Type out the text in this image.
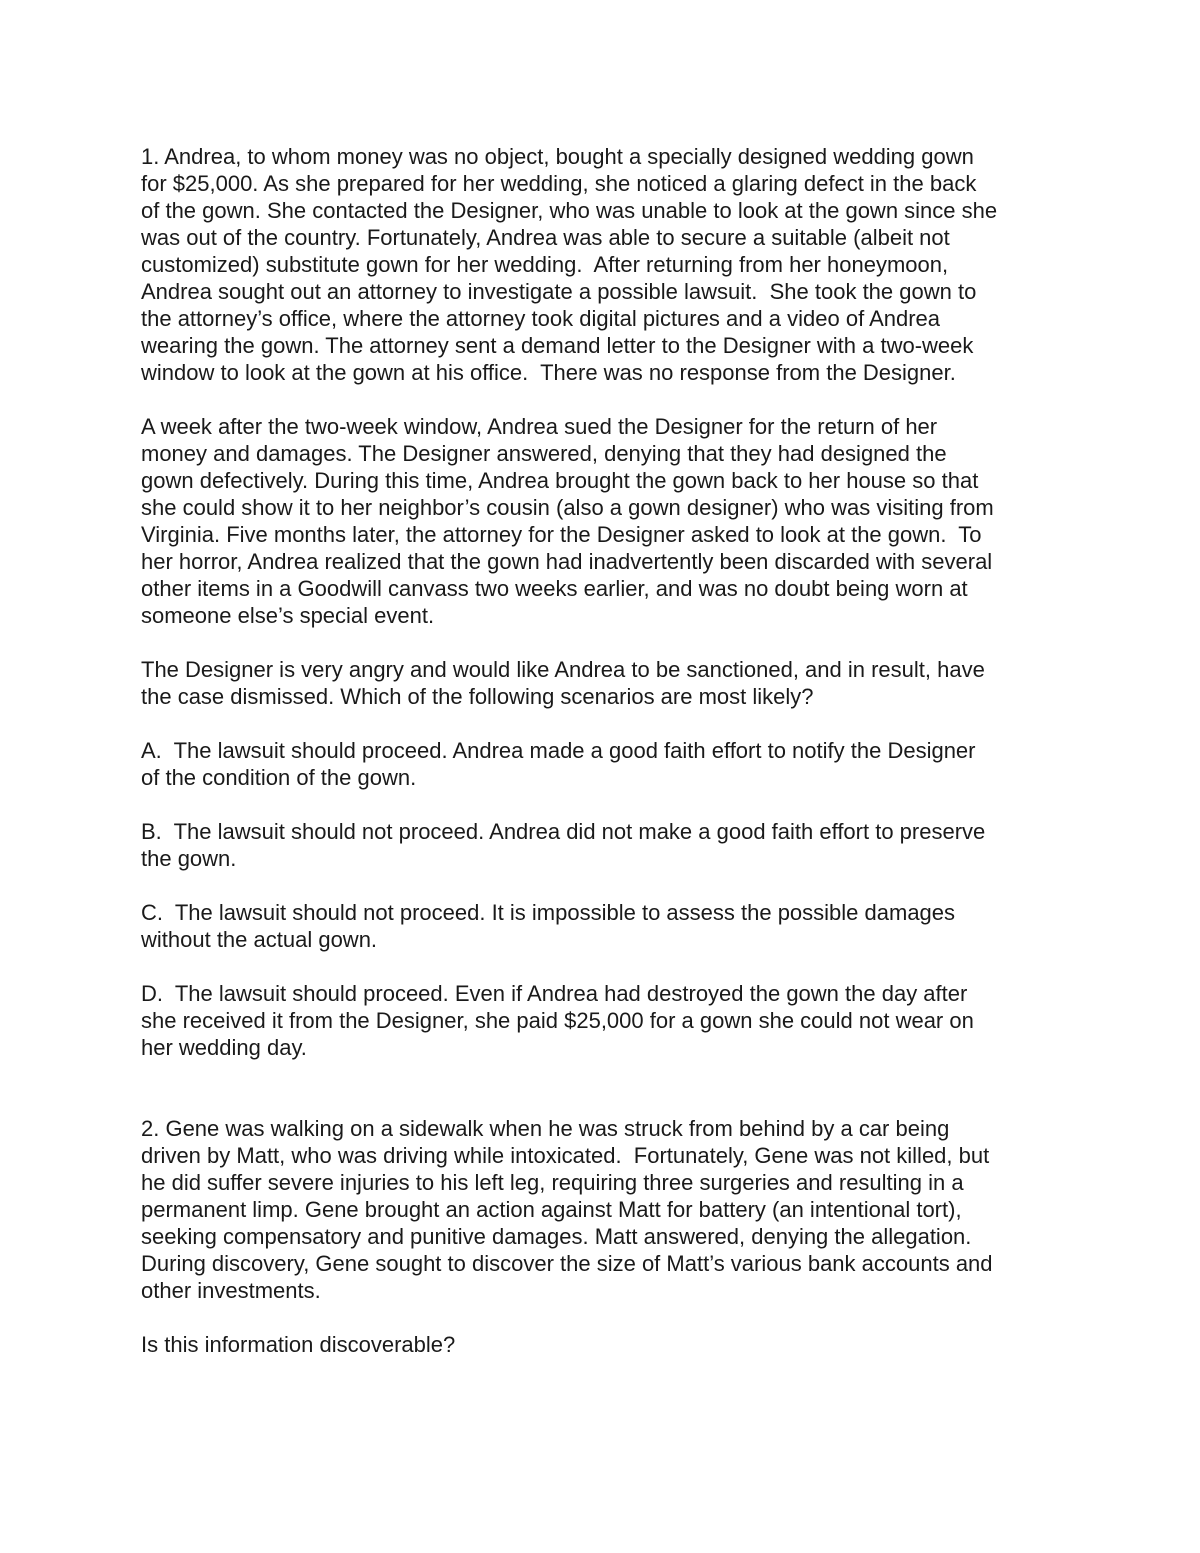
1. Andrea, to whom money was no object, bought a specially designed wedding gown
for $25,000. As she prepared for her wedding, she noticed a glaring defect in the back
of the gown. She contacted the Designer, who was unable to look at the gown since she
was out of the country. Fortunately, Andrea was able to secure a suitable (albeit not
customized) substitute gown for her wedding.  After returning from her honeymoon,
Andrea sought out an attorney to investigate a possible lawsuit.  She took the gown to
the attorney’s office, where the attorney took digital pictures and a video of Andrea
wearing the gown. The attorney sent a demand letter to the Designer with a two-week
window to look at the gown at his office.  There was no response from the Designer.
A week after the two-week window, Andrea sued the Designer for the return of her
money and damages. The Designer answered, denying that they had designed the
gown defectively. During this time, Andrea brought the gown back to her house so that
she could show it to her neighbor’s cousin (also a gown designer) who was visiting from
Virginia. Five months later, the attorney for the Designer asked to look at the gown.  To
her horror, Andrea realized that the gown had inadvertently been discarded with several
other items in a Goodwill canvass two weeks earlier, and was no doubt being worn at
someone else’s special event.
The Designer is very angry and would like Andrea to be sanctioned, and in result, have
the case dismissed. Which of the following scenarios are most likely?
A.  The lawsuit should proceed. Andrea made a good faith effort to notify the Designer
of the condition of the gown.
B.  The lawsuit should not proceed. Andrea did not make a good faith effort to preserve
the gown.
C.  The lawsuit should not proceed. It is impossible to assess the possible damages
without the actual gown.
D.  The lawsuit should proceed. Even if Andrea had destroyed the gown the day after
she received it from the Designer, she paid $25,000 for a gown she could not wear on
her wedding day.
2. Gene was walking on a sidewalk when he was struck from behind by a car being
driven by Matt, who was driving while intoxicated.  Fortunately, Gene was not killed, but
he did suffer severe injuries to his left leg, requiring three surgeries and resulting in a
permanent limp. Gene brought an action against Matt for battery (an intentional tort),
seeking compensatory and punitive damages. Matt answered, denying the allegation.
During discovery, Gene sought to discover the size of Matt’s various bank accounts and
other investments.
Is this information discoverable?
